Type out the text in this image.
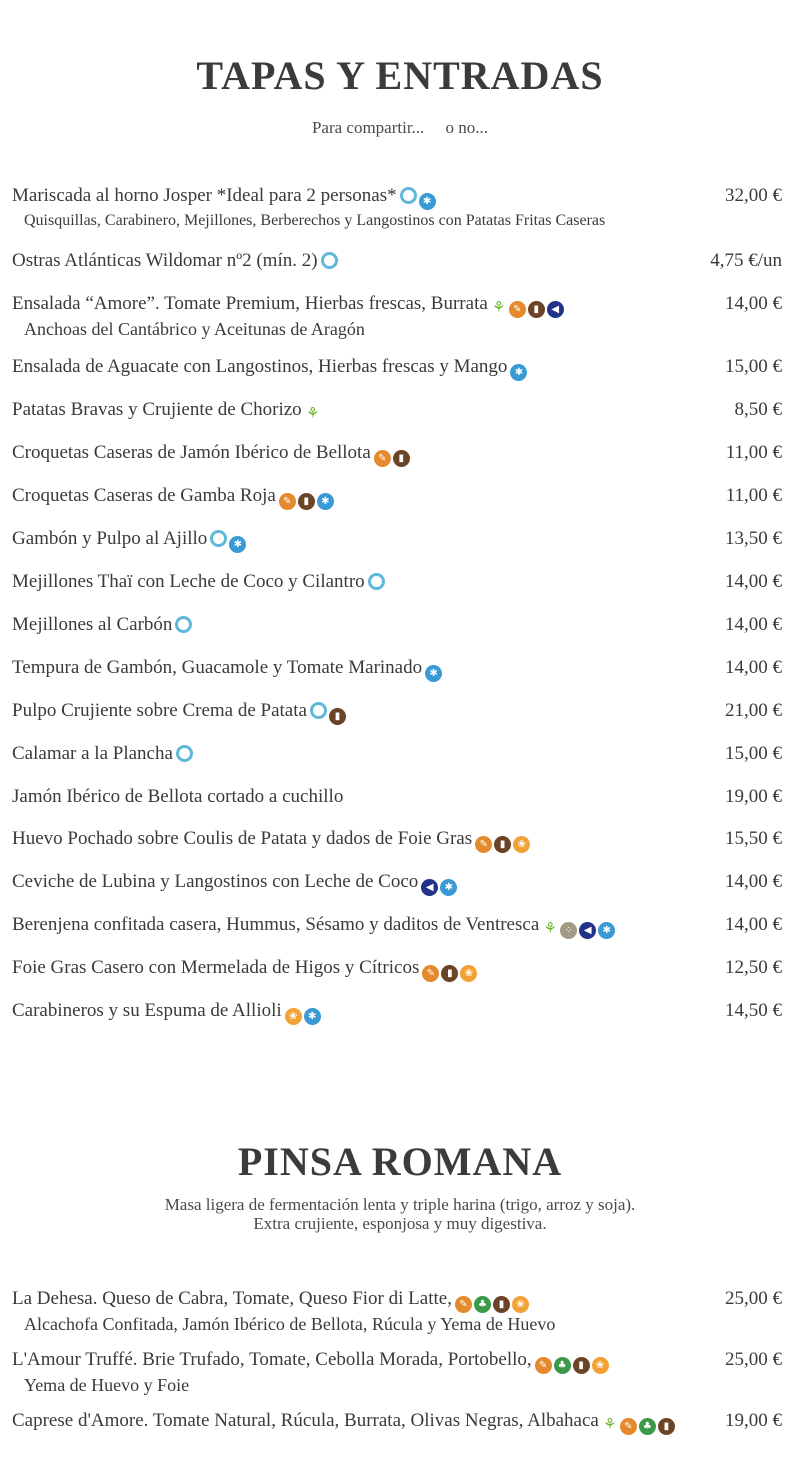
TAPAS Y ENTRADAS
Para compartir...     o no...
Mariscada al horno Josper *Ideal para 2 personas*	✱	32,00 €
Quisquillas, Carabinero, Mejillones, Berberechos y Langostinos con Patatas Fritas Caseras
Ostras Atlánticas Wildomar nº2 (mín. 2)	4,75 €/un
Ensalada “Amore”. Tomate Premium, Hierbas frescas, Burrata ⚘ ✎ ▮ ◀	14,00 €
Anchoas del Cantábrico y Aceitunas de Aragón
Ensalada de Aguacate con Langostinos, Hierbas frescas y Mango ✱	15,00 €
Patatas Bravas y Crujiente de Chorizo ⚘	8,50 €
Croquetas Caseras de Jamón Ibérico de Bellota ✎ ▮	11,00 €
Croquetas Caseras de Gamba Roja ✎ ▮ ✱	11,00 €
Gambón y Pulpo al Ajillo	✱	13,50 €
Mejillones Thaï con Leche de Coco y Cilantro	14,00 €
Mejillones al Carbón	14,00 €
Tempura de Gambón, Guacamole y Tomate Marinado ✱	14,00 €
Pulpo Crujiente sobre Crema de Patata	▮	21,00 €
Calamar a la Plancha	15,00 €
Jamón Ibérico de Bellota cortado a cuchillo	19,00 €
Huevo Pochado sobre Coulis de Patata y dados de Foie Gras ✎ ▮ ❀	15,50 €
Ceviche de Lubina y Langostinos con Leche de Coco ◀ ✱	14,00 €
Berenjena confitada casera, Hummus, Sésamo y daditos de Ventresca ⚘ ⁘ ◀ ✱	14,00 €
Foie Gras Casero con Mermelada de Higos y Cítricos ✎ ▮ ❀	12,50 €
Carabineros y su Espuma de Allioli ❀ ✱	14,50 €
PINSA ROMANA
Masa ligera de fermentación lenta y triple harina (trigo, arroz y soja).
Extra crujiente, esponjosa y muy digestiva.
La Dehesa. Queso de Cabra, Tomate, Queso Fior di Latte, ✎ ♣ ▮ ❀	25,00 €
Alcachofa Confitada, Jamón Ibérico de Bellota, Rúcula y Yema de Huevo
L'Amour Truffé. Brie Trufado, Tomate, Cebolla Morada, Portobello, ✎ ♣ ▮ ❀	25,00 €
Yema de Huevo y Foie
Caprese d'Amore. Tomate Natural, Rúcula, Burrata, Olivas Negras, Albahaca ⚘ ✎ ♣ ▮	19,00 €
